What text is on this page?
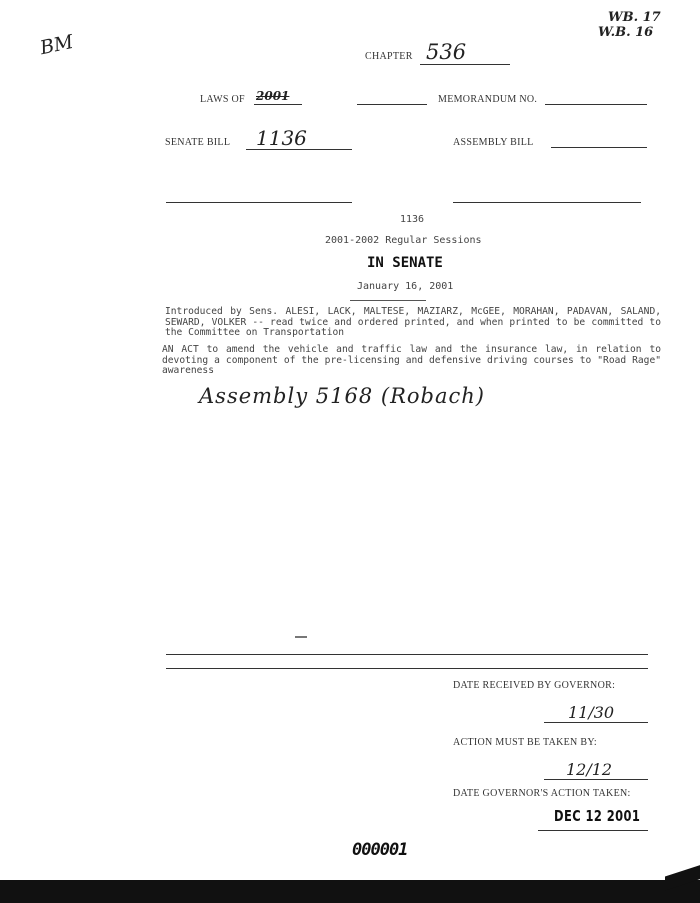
BM
WB. 17
W.B. 16
CHAPTER 536
LAWS OF 2001	MEMORANDUM NO.
SENATE BILL 1136	ASSEMBLY BILL
1136
2001-2002 Regular Sessions
IN SENATE
January 16, 2001
Introduced by Sens. ALESI, LACK, MALTESE, MAZIARZ, McGEE, MORAHAN, PADAVAN, SALAND, SEWARD, VOLKER -- read twice and ordered printed, and when printed to be committed to the Committee on Transportation
AN ACT to amend the vehicle and traffic law and the insurance law, in relation to devoting a component of the pre-licensing and defensive driving courses to "Road Rage" awareness
Assembly 5168 (Robach)
DATE RECEIVED BY GOVERNOR:
11/30
ACTION MUST BE TAKEN BY:
12/12
DATE GOVERNOR'S ACTION TAKEN:
DEC 12 2001
000001
